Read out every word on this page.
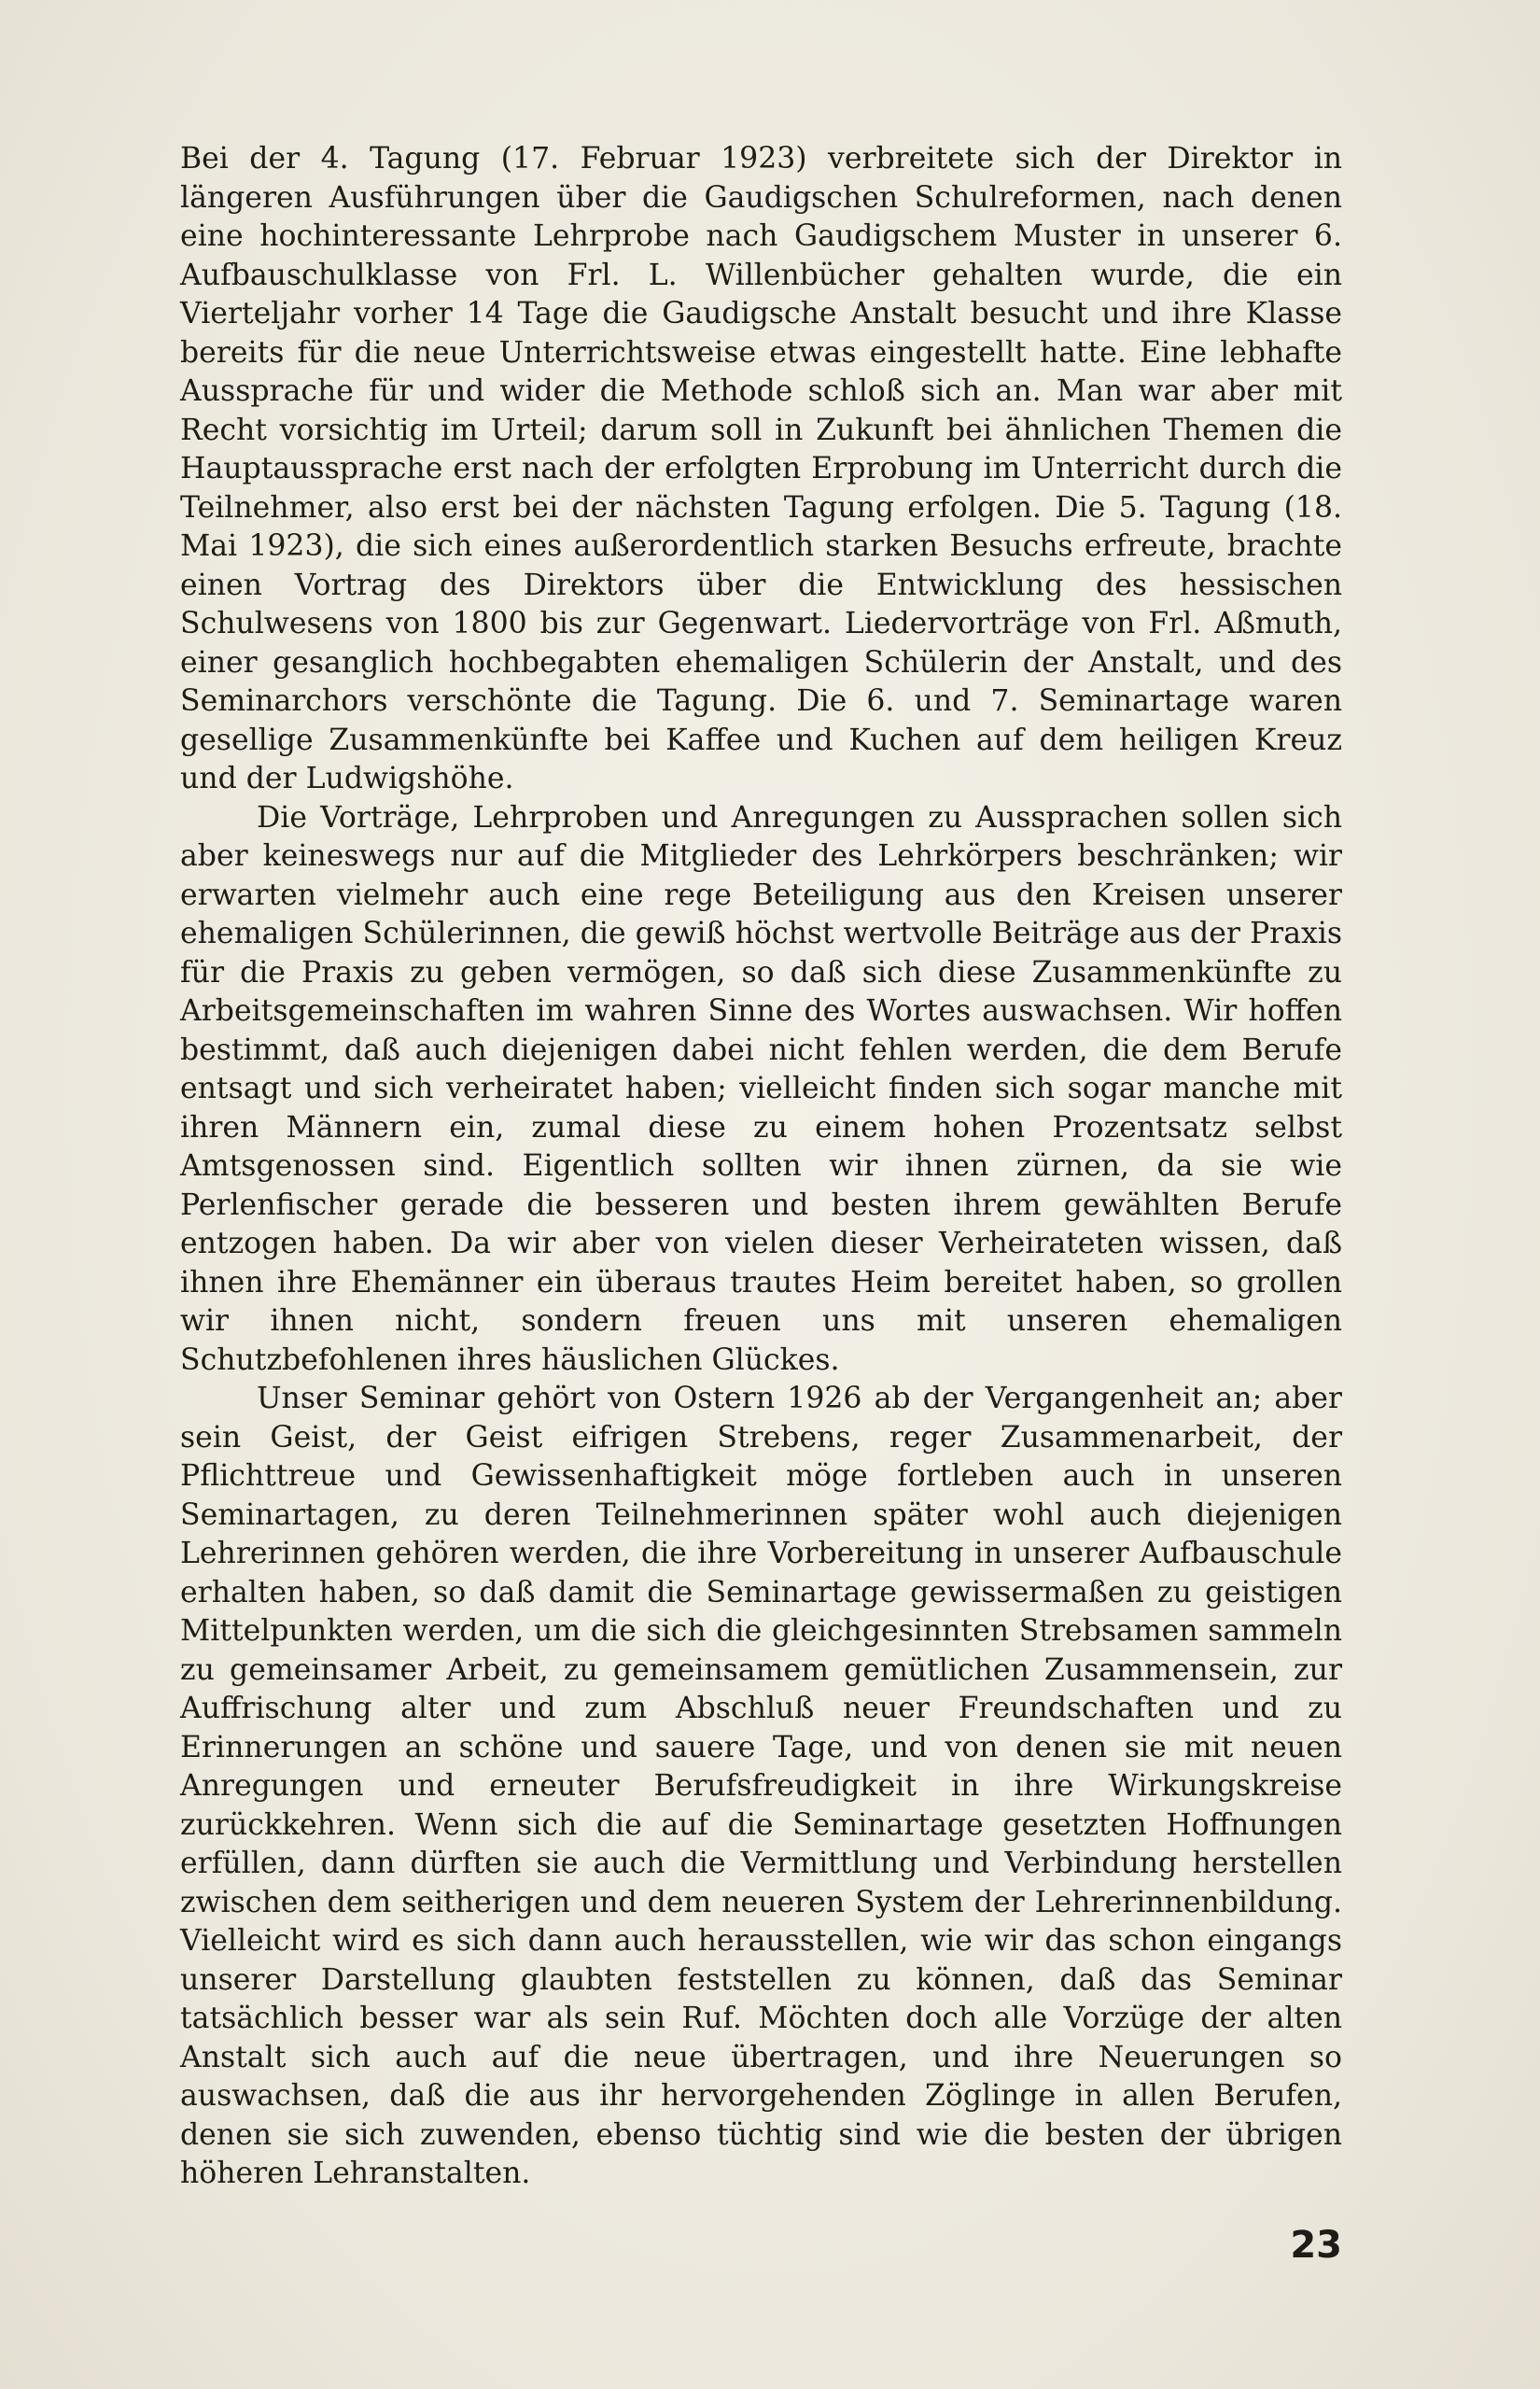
Bei der 4. Tagung (17. Februar 1923) verbreitete sich der Direktor in längeren Ausführungen über die Gaudigschen Schulreformen, nach denen eine hochinteressante Lehrprobe nach Gaudigschem Muster in unserer 6. Aufbauschulklasse von Frl. L. Willenbücher gehalten wurde, die ein Vierteljahr vorher 14 Tage die Gaudigsche Anstalt besucht und ihre Klasse bereits für die neue Unterrichtsweise etwas eingestellt hatte. Eine lebhafte Aussprache für und wider die Methode schloß sich an. Man war aber mit Recht vorsichtig im Urteil; darum soll in Zukunft bei ähnlichen Themen die Hauptaussprache erst nach der erfolgten Erprobung im Unterricht durch die Teilnehmer, also erst bei der nächsten Tagung erfolgen. Die 5. Tagung (18. Mai 1923), die sich eines außerordentlich starken Besuchs erfreute, brachte einen Vortrag des Direktors über die Entwicklung des hessischen Schulwesens von 1800 bis zur Gegenwart. Liedervorträge von Frl. Aßmuth, einer gesanglich hochbegabten ehemaligen Schülerin der Anstalt, und des Seminarchors verschönte die Tagung. Die 6. und 7. Seminartage waren gesellige Zusammenkünfte bei Kaffee und Kuchen auf dem heiligen Kreuz und der Ludwigshöhe.

Die Vorträge, Lehrproben und Anregungen zu Aussprachen sollen sich aber keineswegs nur auf die Mitglieder des Lehrkörpers beschränken; wir erwarten vielmehr auch eine rege Beteiligung aus den Kreisen unserer ehemaligen Schülerinnen, die gewiß höchst wertvolle Beiträge aus der Praxis für die Praxis zu geben vermögen, so daß sich diese Zusammenkünfte zu Arbeitsgemeinschaften im wahren Sinne des Wortes auswachsen. Wir hoffen bestimmt, daß auch diejenigen dabei nicht fehlen werden, die dem Berufe entsagt und sich verheiratet haben; vielleicht finden sich sogar manche mit ihren Männern ein, zumal diese zu einem hohen Prozentsatz selbst Amtsgenossen sind. Eigentlich sollten wir ihnen zürnen, da sie wie Perlenfischer gerade die besseren und besten ihrem gewählten Berufe entzogen haben. Da wir aber von vielen dieser Verheirateten wissen, daß ihnen ihre Ehemänner ein überaus trautes Heim bereitet haben, so grollen wir ihnen nicht, sondern freuen uns mit unseren ehemaligen Schutzbefohlenen ihres häuslichen Glückes.

Unser Seminar gehört von Ostern 1926 ab der Vergangenheit an; aber sein Geist, der Geist eifrigen Strebens, reger Zusammenarbeit, der Pflichttreue und Gewissenhaftigkeit möge fortleben auch in unseren Seminartagen, zu deren Teilnehmerinnen später wohl auch diejenigen Lehrerinnen gehören werden, die ihre Vorbereitung in unserer Aufbauschule erhalten haben, so daß damit die Seminartage gewissermaßen zu geistigen Mittelpunkten werden, um die sich die gleichgesinnten Strebsamen sammeln zu gemeinsamer Arbeit, zu gemeinsamem gemütlichen Zusammensein, zur Auffrischung alter und zum Abschluß neuer Freundschaften und zu Erinnerungen an schöne und sauere Tage, und von denen sie mit neuen Anregungen und erneuter Berufsfreudigkeit in ihre Wirkungskreise zurückkehren. Wenn sich die auf die Seminartage gesetzten Hoffnungen erfüllen, dann dürften sie auch die Vermittlung und Verbindung herstellen zwischen dem seitherigen und dem neueren System der Lehrerinnenbildung. Vielleicht wird es sich dann auch herausstellen, wie wir das schon eingangs unserer Darstellung glaubten feststellen zu können, daß das Seminar tatsächlich besser war als sein Ruf. Möchten doch alle Vorzüge der alten Anstalt sich auch auf die neue übertragen, und ihre Neuerungen so auswachsen, daß die aus ihr hervorgehenden Zöglinge in allen Berufen, denen sie sich zuwenden, ebenso tüchtig sind wie die besten der übrigen höheren Lehranstalten.

23
